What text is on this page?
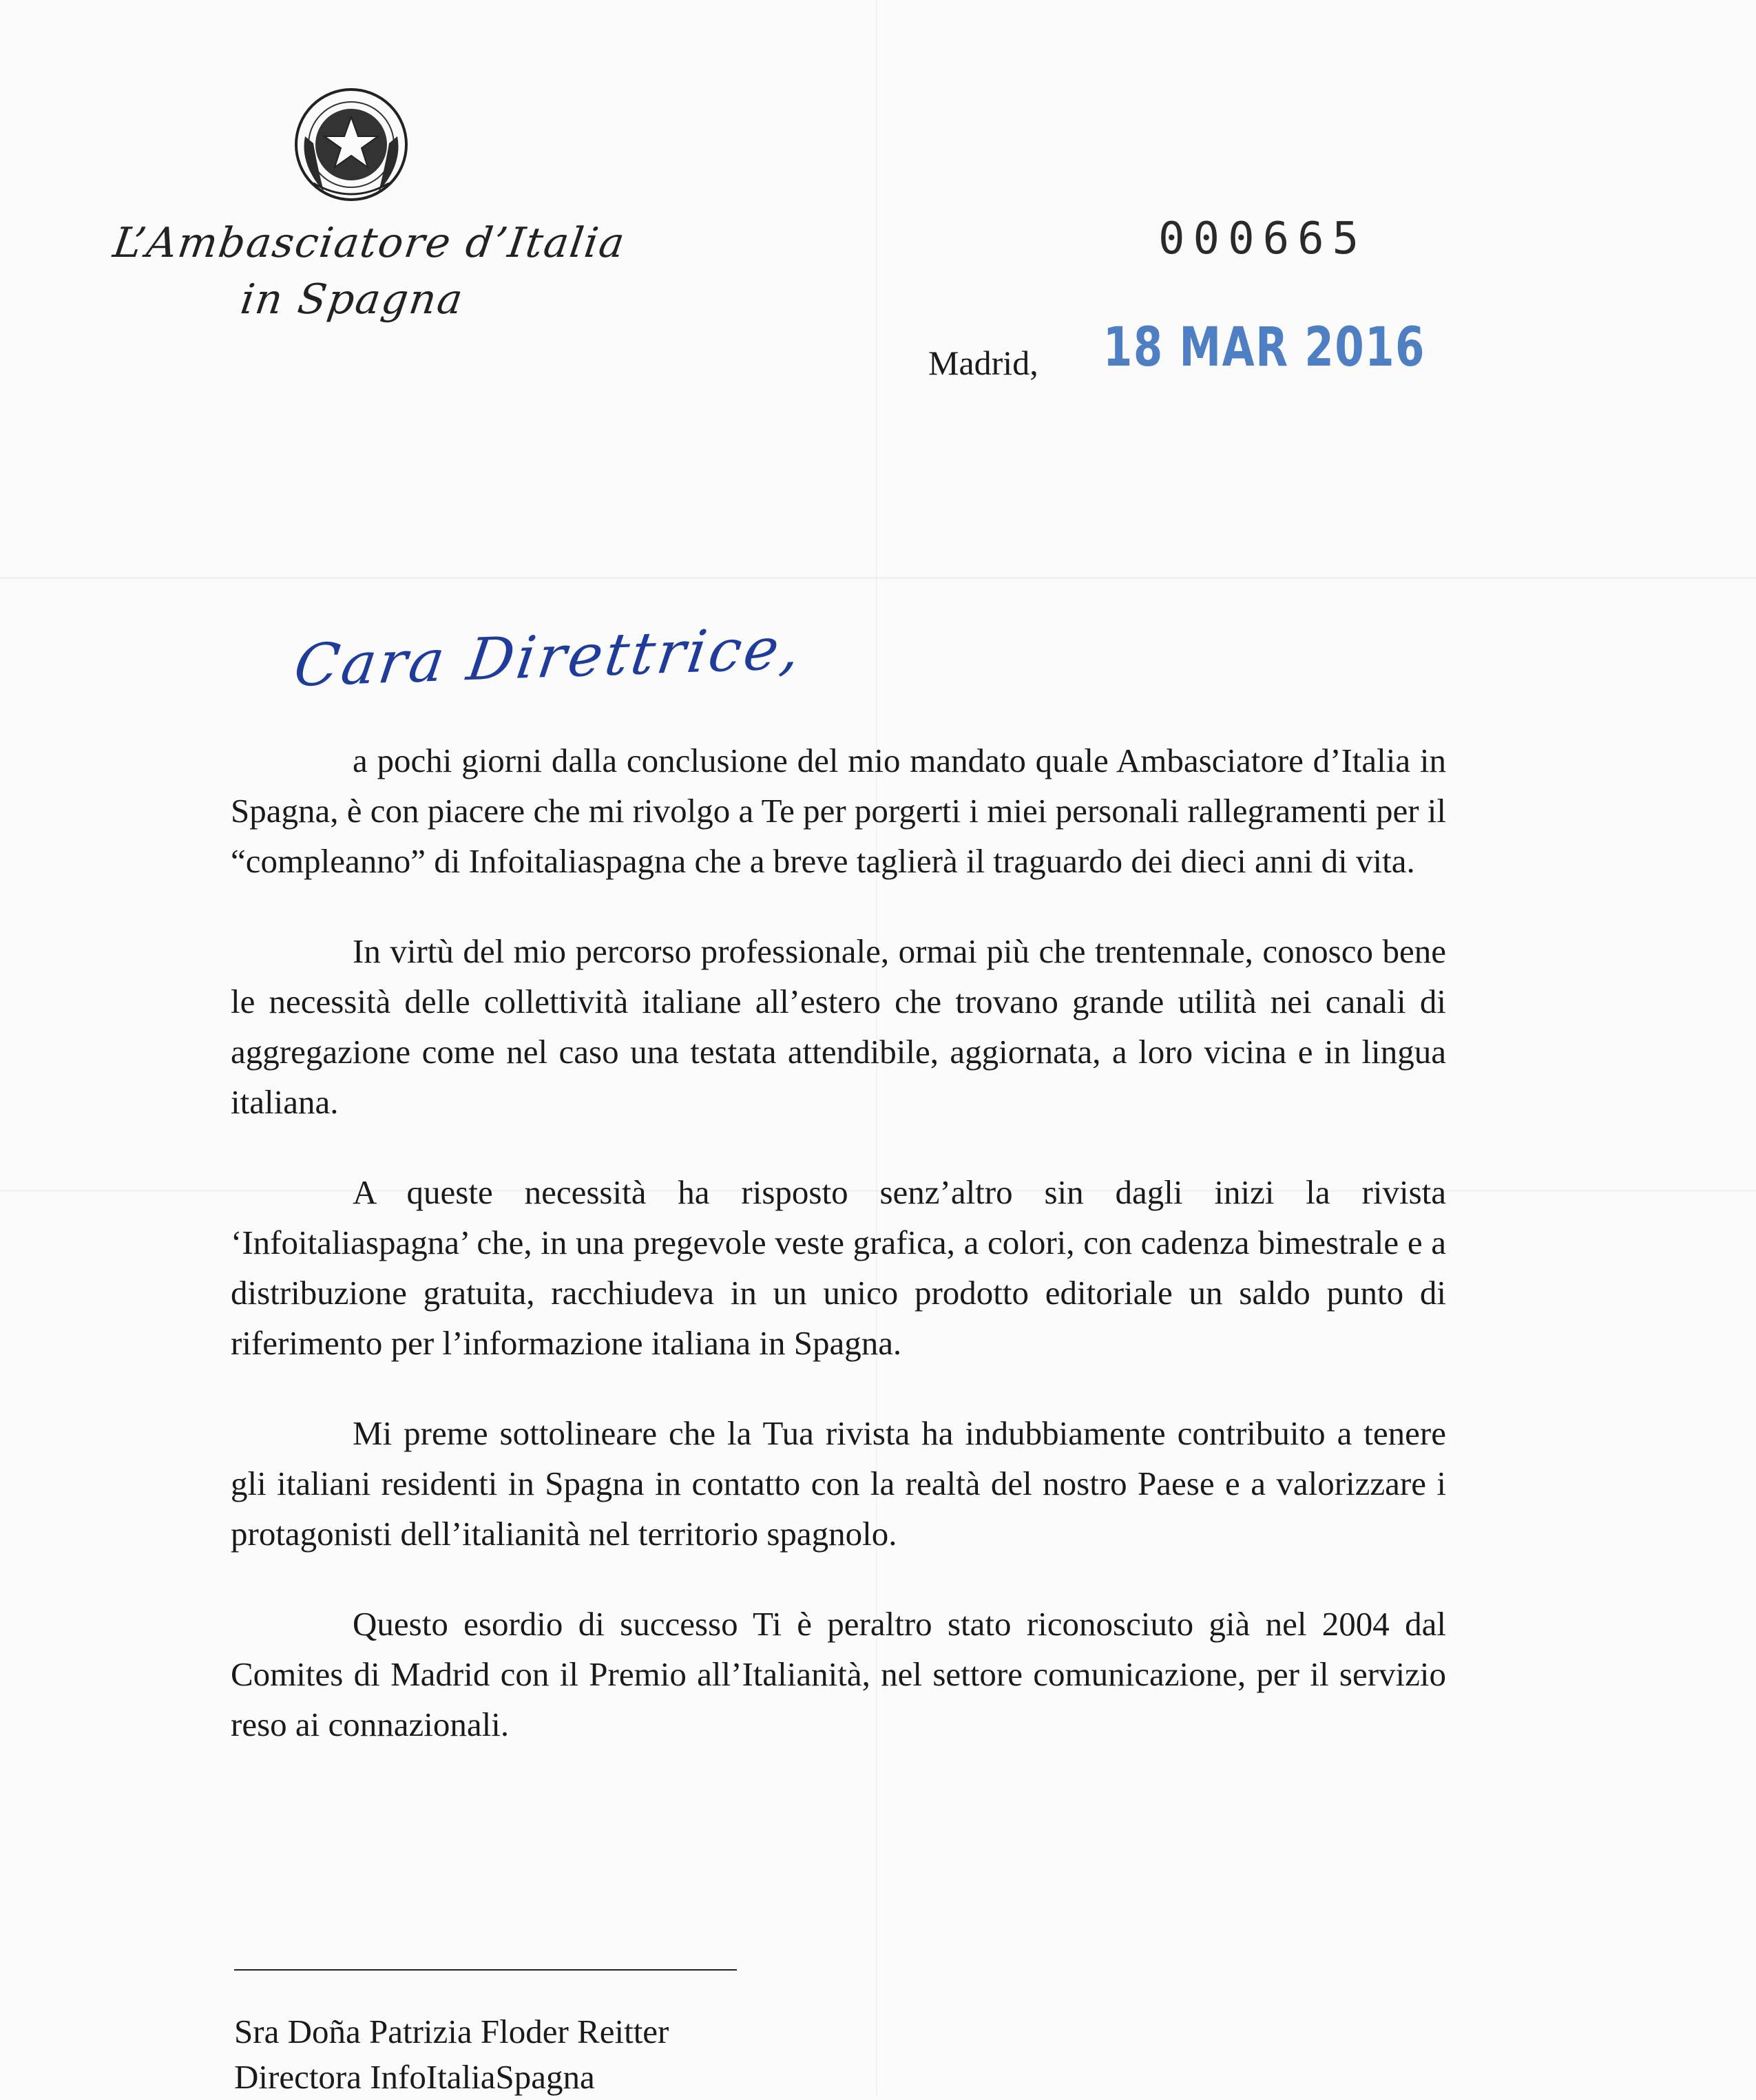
L’Ambasciatore d’Italia
in Spagna
000665
Madrid, 18 MAR 2016
Cara Direttrice,

a pochi giorni dalla conclusione del mio mandato quale Ambasciatore d’Italia in Spagna, è con piacere che mi rivolgo a Te per porgerti i miei personali rallegramenti per il “compleanno” di Infoitaliaspagna che a breve taglierà il traguardo dei dieci anni di vita.

In virtù del mio percorso professionale, ormai più che trentennale, conosco bene le necessità delle collettività italiane all’estero che trovano grande utilità nei canali di aggregazione come nel caso una testata attendibile, aggiornata, a loro vicina e in lingua italiana.

A queste necessità ha risposto senz’altro sin dagli inizi la rivista ‘Infoitaliaspagna’ che, in una pregevole veste grafica, a colori, con cadenza bimestrale e a distribuzione gratuita, racchiudeva in un unico prodotto editoriale un saldo punto di riferimento per l’informazione italiana in Spagna.

Mi preme sottolineare che la Tua rivista ha indubbiamente contribuito a tenere gli italiani residenti in Spagna in contatto con la realtà del nostro Paese e a valorizzare i protagonisti dell’italianità nel territorio spagnolo.

Questo esordio di successo Ti è peraltro stato riconosciuto già nel 2004 dal Comites di Madrid con il Premio all’Italianità, nel settore comunicazione, per il servizio reso ai connazionali.

Sra Doña Patrizia Floder Reitter
Directora InfoItaliaSpagna
